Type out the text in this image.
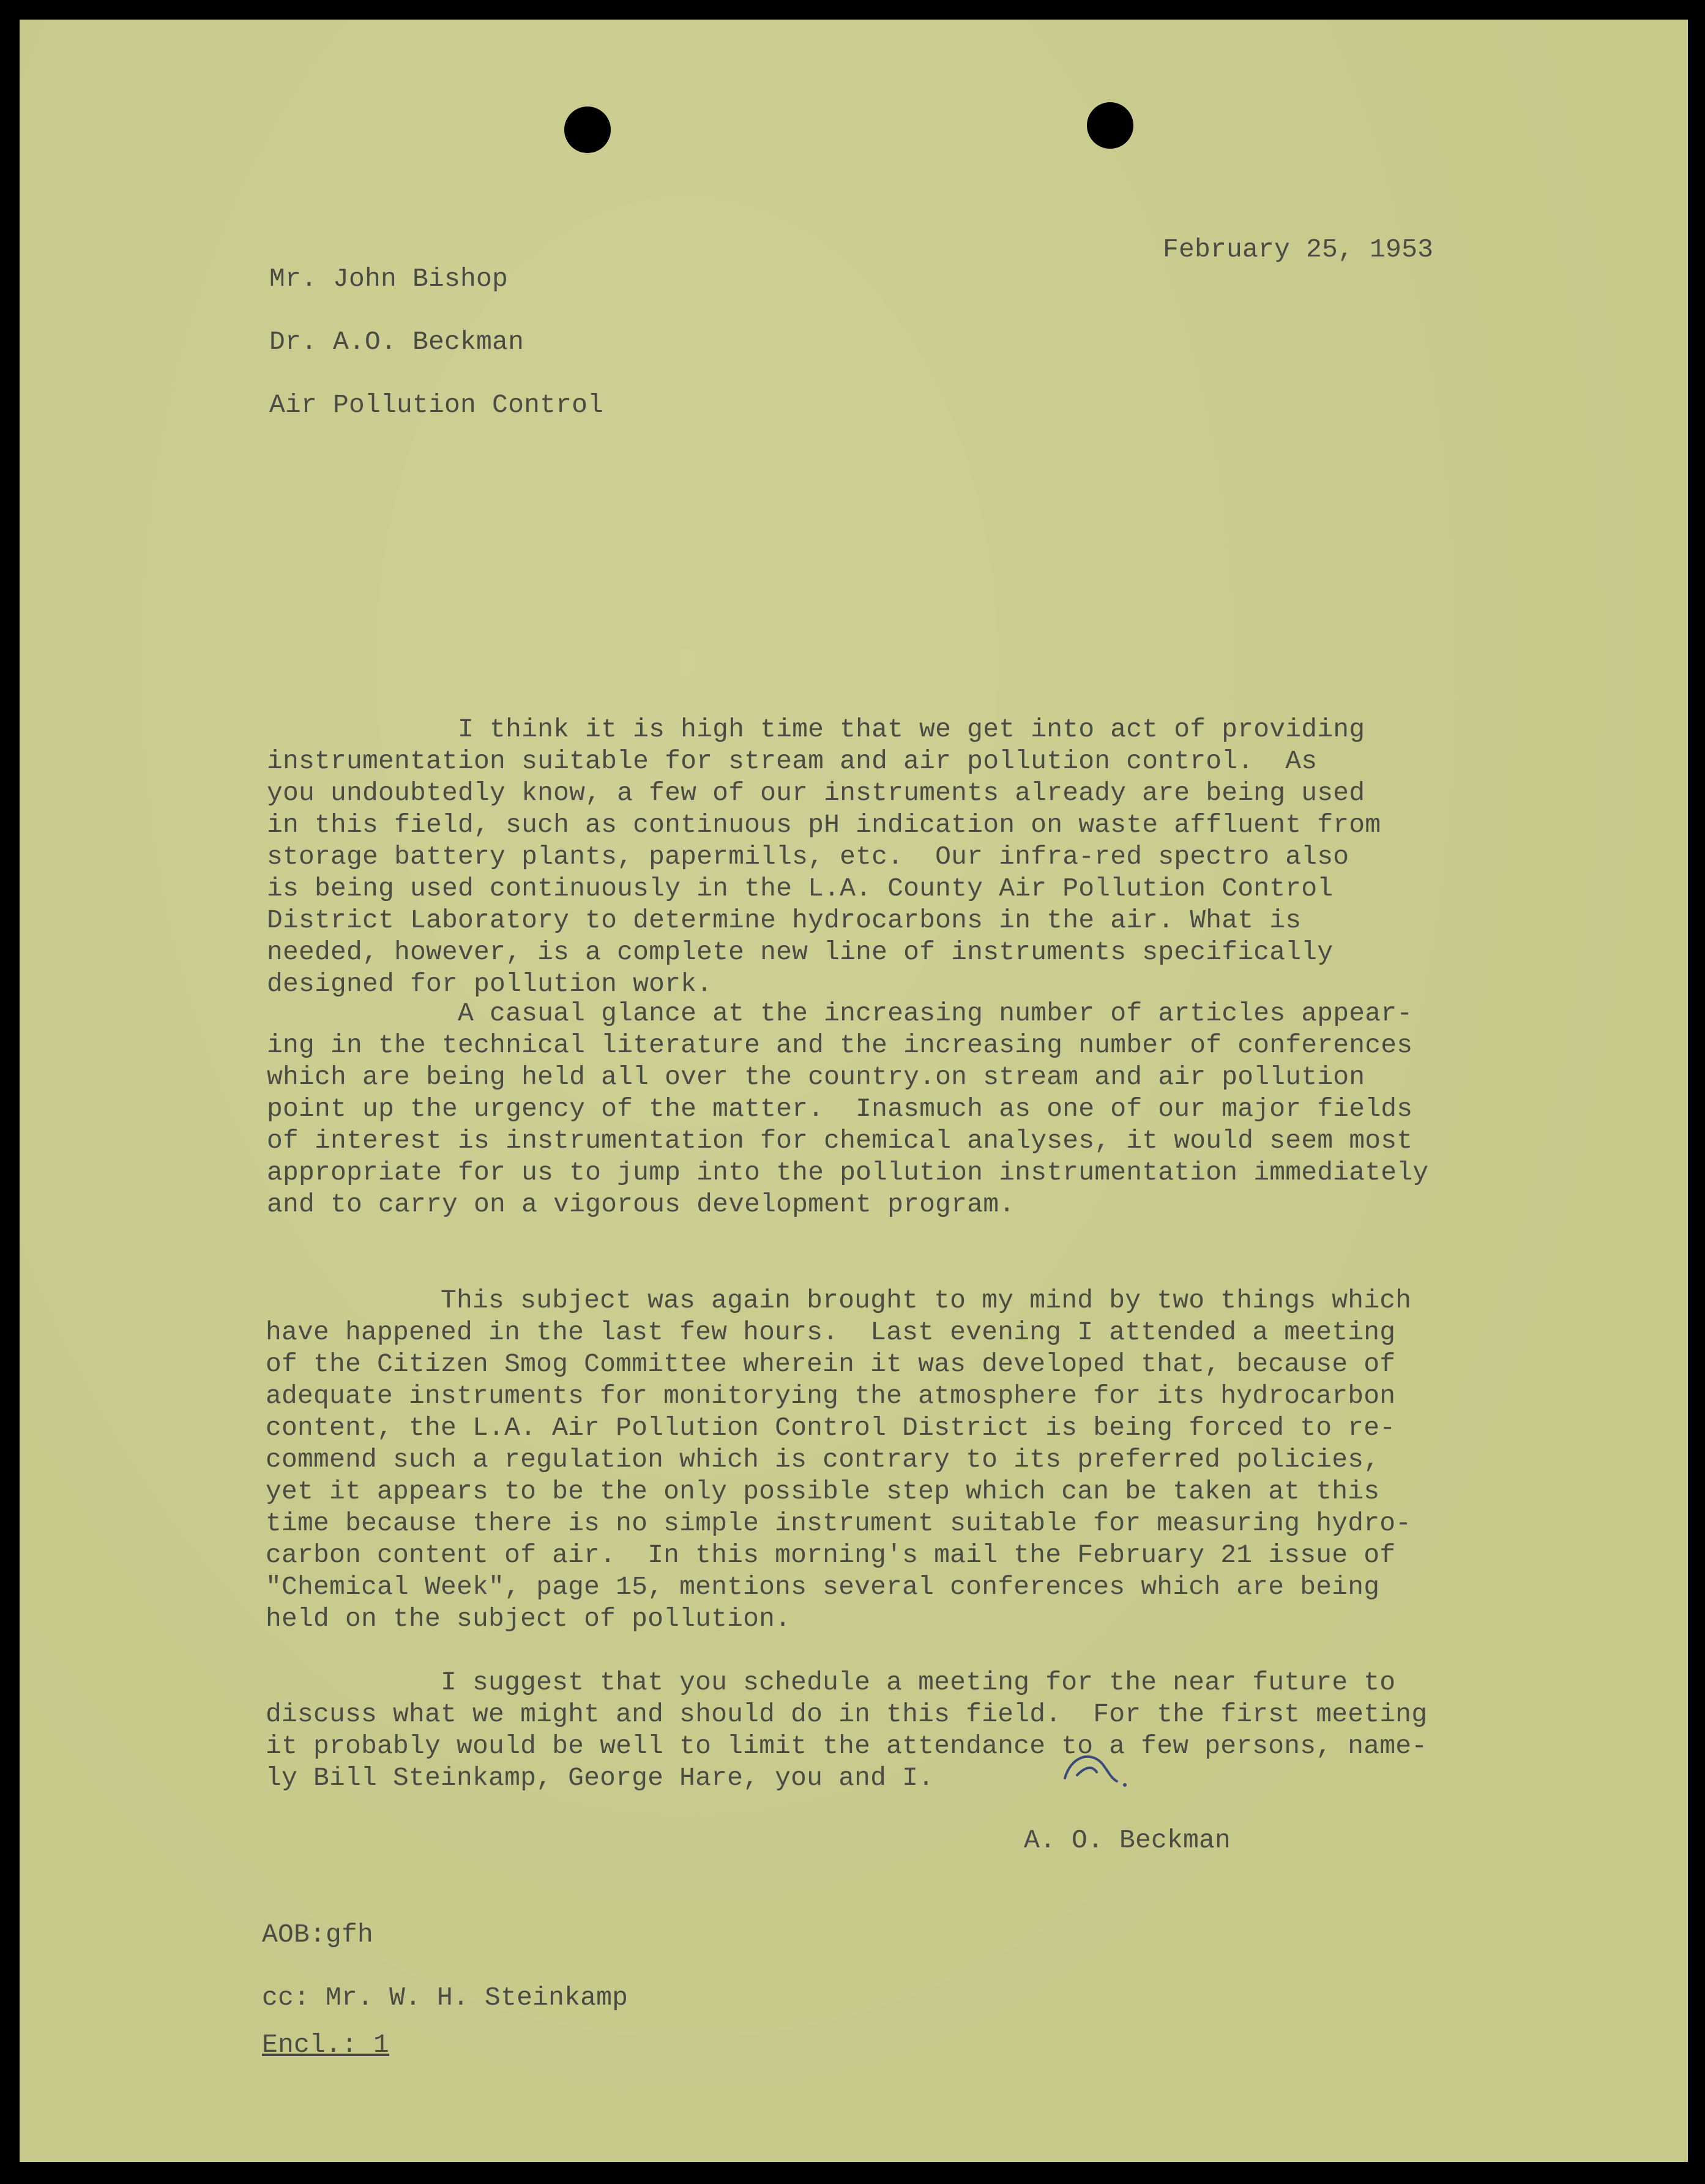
February 25, 1953
Mr. John Bishop
Dr. A.O. Beckman
Air Pollution Control

I think it is high time that we get into act of providing
instrumentation suitable for stream and air pollution control.  As
you undoubtedly know, a few of our instruments already are being used
in this field, such as continuous pH indication on waste affluent from
storage battery plants, papermills, etc.  Our infra-red spectro also
is being used continuously in the L.A. County Air Pollution Control
District Laboratory to determine hydrocarbons in the air. What is
needed, however, is a complete new line of instruments specifically
designed for pollution work.

A casual glance at the increasing number of articles appear-
ing in the technical literature and the increasing number of conferences
which are being held all over the country.on stream and air pollution
point up the urgency of the matter.  Inasmuch as one of our major fields
of interest is instrumentation for chemical analyses, it would seem most
appropriate for us to jump into the pollution instrumentation immediately
and to carry on a vigorous development program.

This subject was again brought to my mind by two things which
have happened in the last few hours.  Last evening I attended a meeting
of the Citizen Smog Committee wherein it was developed that, because of
adequate instruments for monitorying the atmosphere for its hydrocarbon
content, the L.A. Air Pollution Control District is being forced to re-
commend such a regulation which is contrary to its preferred policies,
yet it appears to be the only possible step which can be taken at this
time because there is no simple instrument suitable for measuring hydro-
carbon content of air.  In this morning's mail the February 21 issue of
"Chemical Week", page 15, mentions several conferences which are being
held on the subject of pollution.

I suggest that you schedule a meeting for the near future to
discuss what we might and should do in this field.  For the first meeting
it probably would be well to limit the attendance to a few persons, name-
ly Bill Steinkamp, George Hare, you and I.

A. O. Beckman
AOB:gfh
cc: Mr. W. H. Steinkamp
Encl.: 1
